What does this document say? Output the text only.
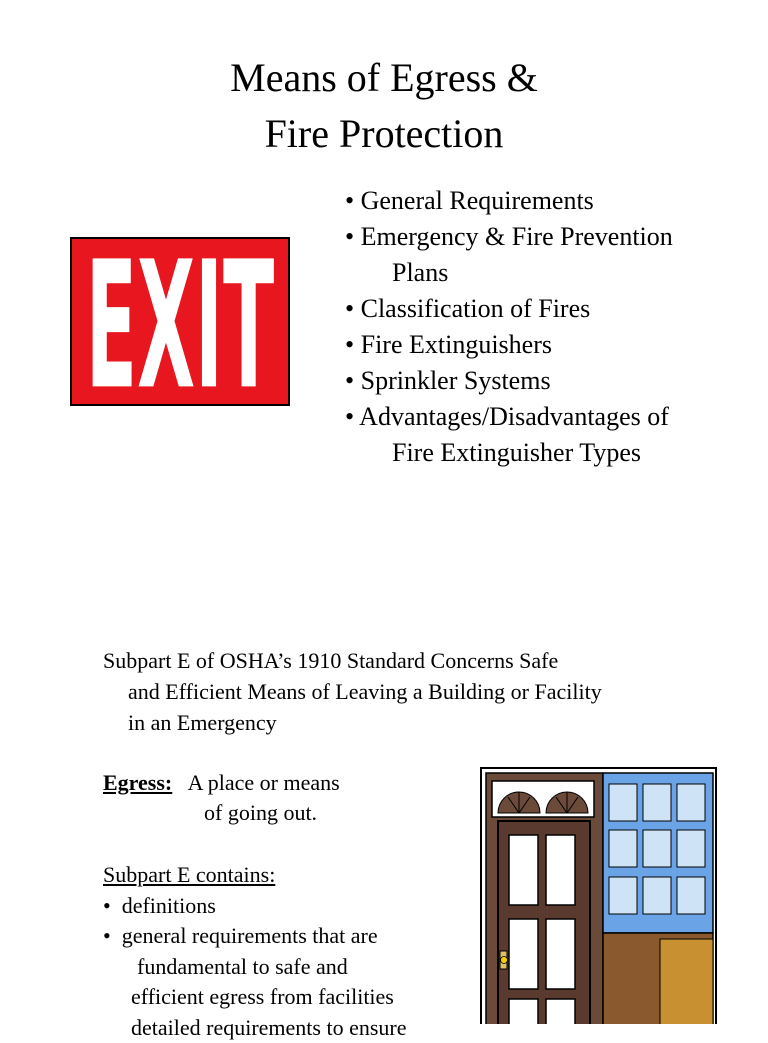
Means of Egress &
Fire Protection
EXIT
• General Requirements
• Emergency & Fire Prevention
Plans
• Classification of Fires
• Fire Extinguishers
• Sprinkler Systems
• Advantages/Disadvantages of
Fire Extinguisher Types
Subpart E of OSHA’s 1910 Standard Concerns Safe
and Efficient Means of Leaving a Building or Facility
in an Emergency
Egress: A place or means
of going out.
Subpart E contains:
•  definitions
•  general requirements that are
fundamental to safe and
efficient egress from facilities
detailed requirements to ensure
